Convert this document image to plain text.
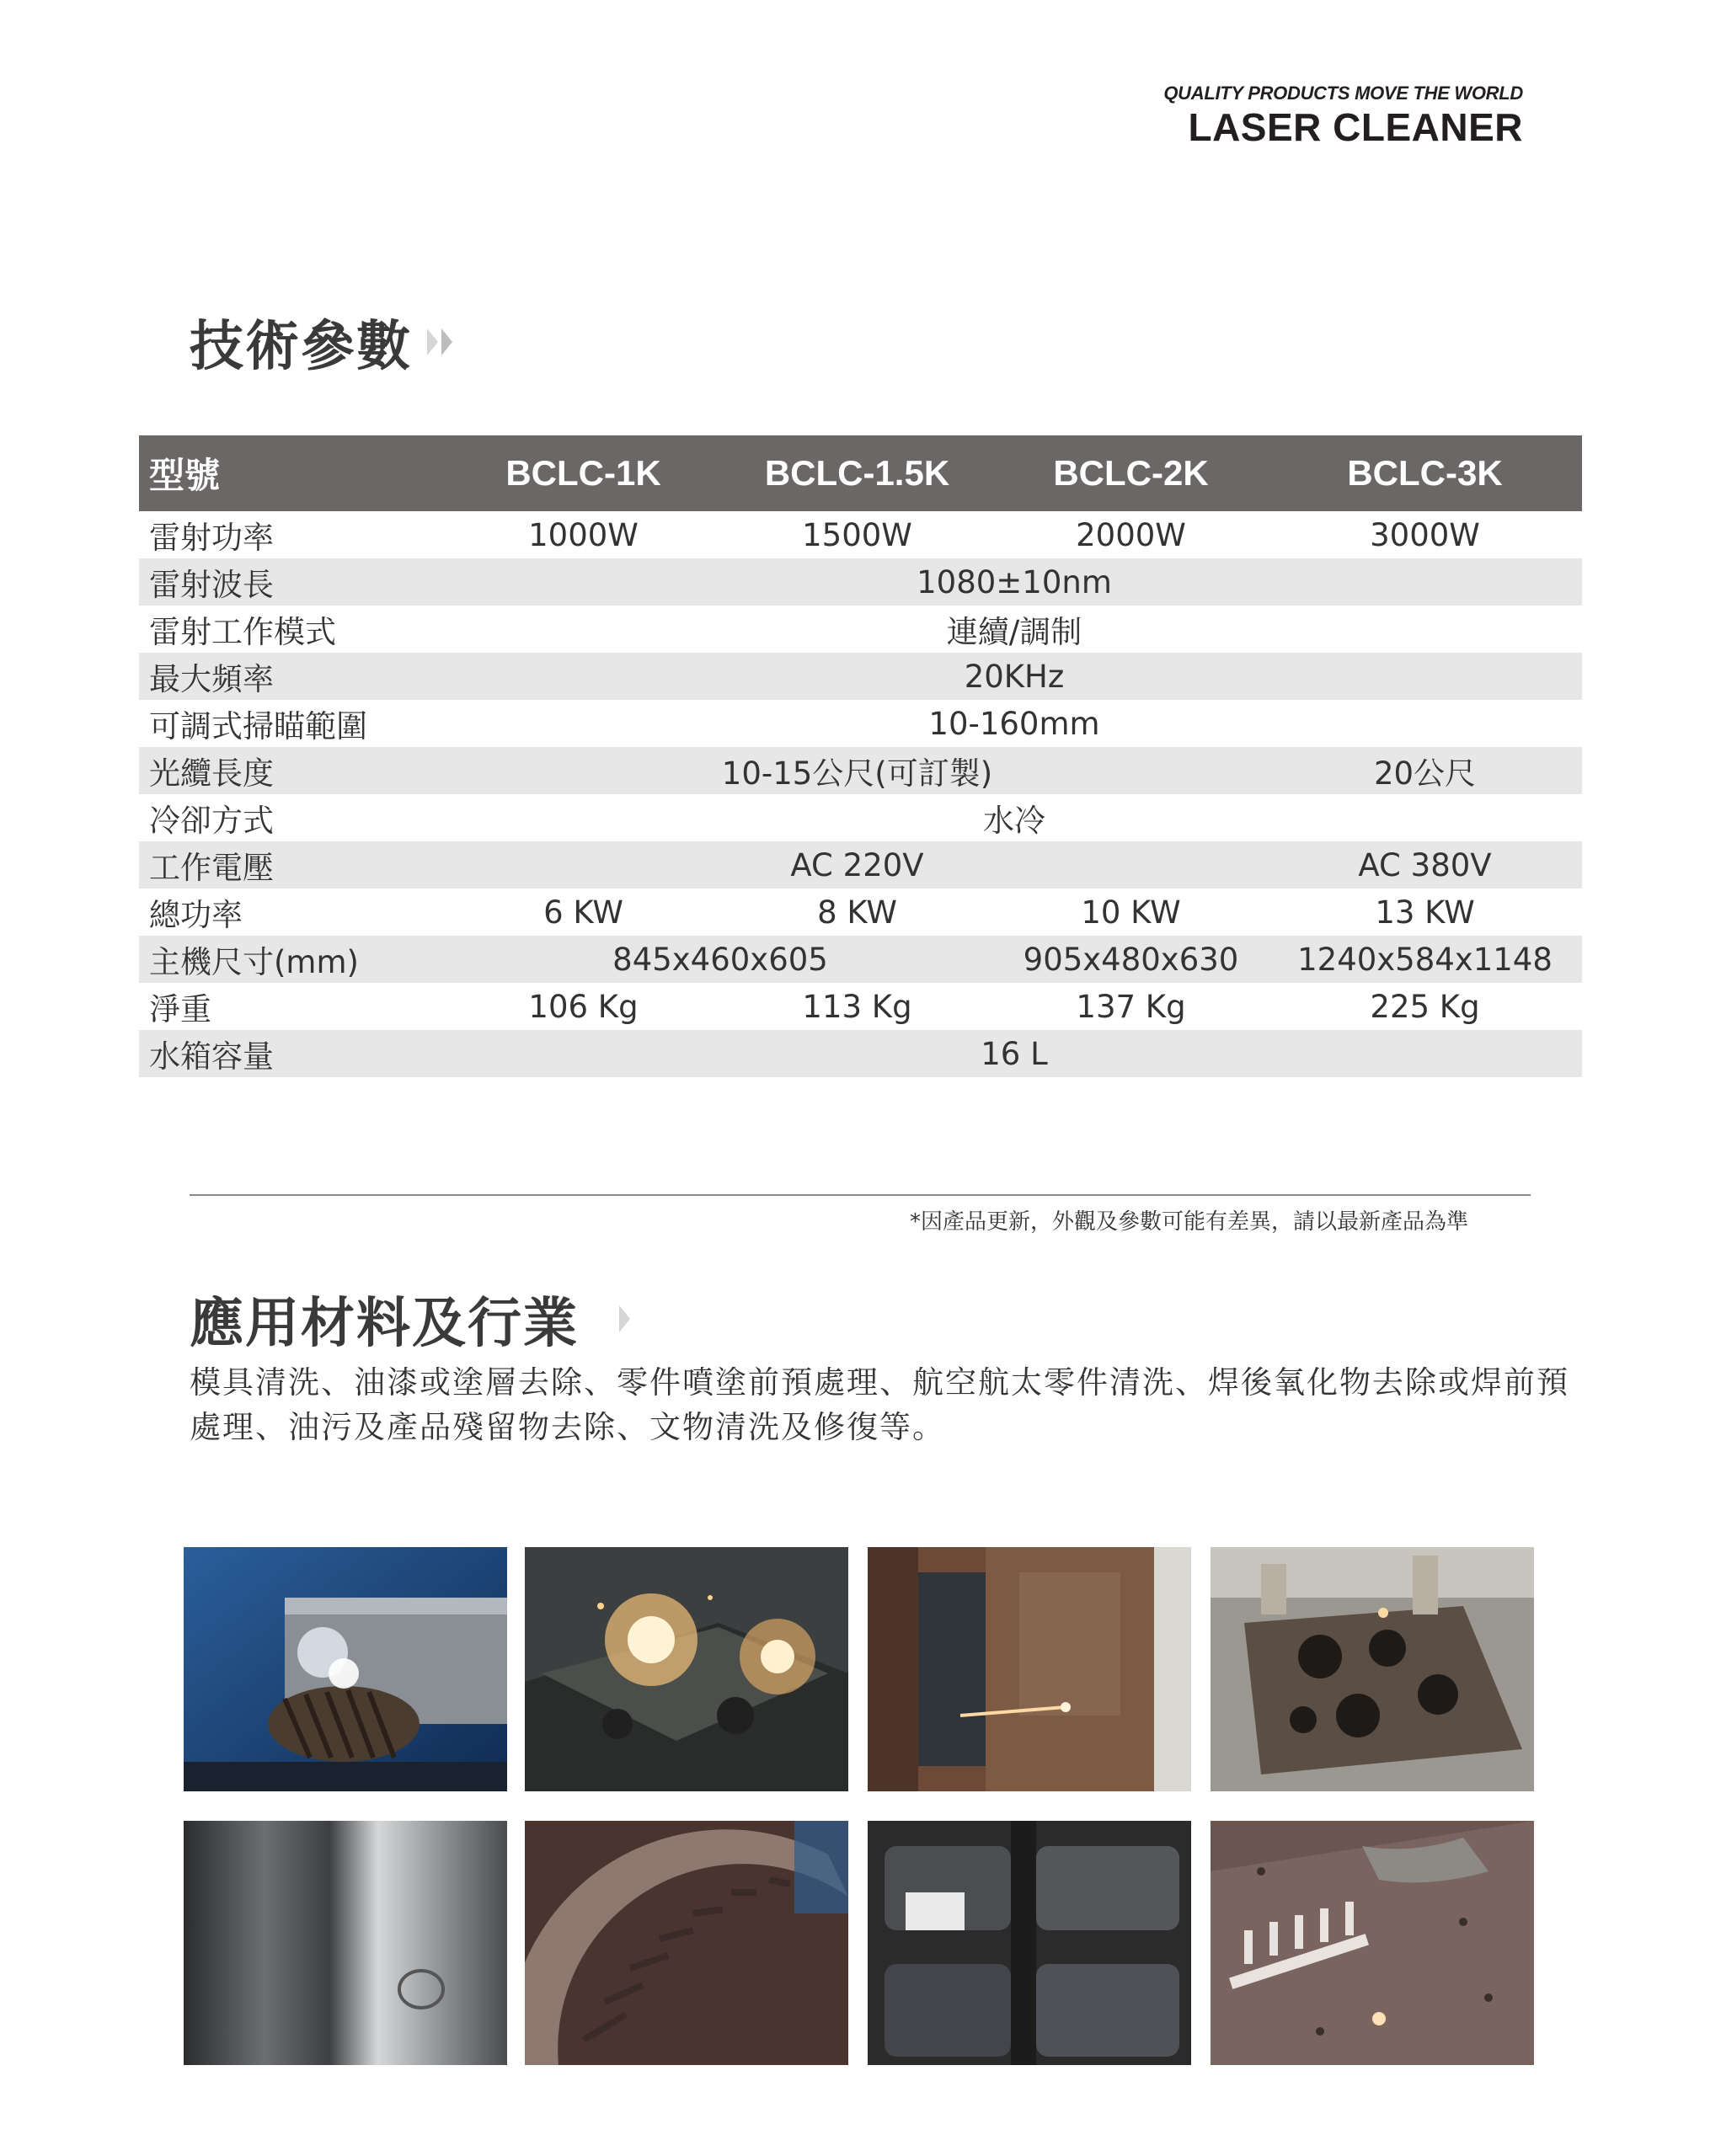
QUALITY PRODUCTS MOVE THE WORLD
LASER CLEANER
技術參數
型號	BCLC-1K	BCLC-1.5K	BCLC-2K	BCLC-3K
雷射功率	1000W	1500W	2000W	3000W
雷射波長	1080±10nm			
雷射工作模式	連續/調制			
最大頻率	20KHz			
可調式掃瞄範圍	10-160mm			
光纜長度	10-15公尺(可訂製)			20公尺
冷卻方式	水冷			
工作電壓	AC 220V			AC 380V
總功率	6 KW	8 KW	10 KW	13 KW
主機尺寸(mm)	845x460x605		905x480x630	1240x584x1148
淨重	106 Kg	113 Kg	137 Kg	225 Kg
水箱容量	16 L			
*因產品更新，外觀及參數可能有差異，請以最新產品為準
應用材料及行業
模具清洗、油漆或塗層去除、零件噴塗前預處理、航空航太零件清洗、焊後氧化物去除或焊前預處理、油污及產品殘留物去除、文物清洗及修復等。
